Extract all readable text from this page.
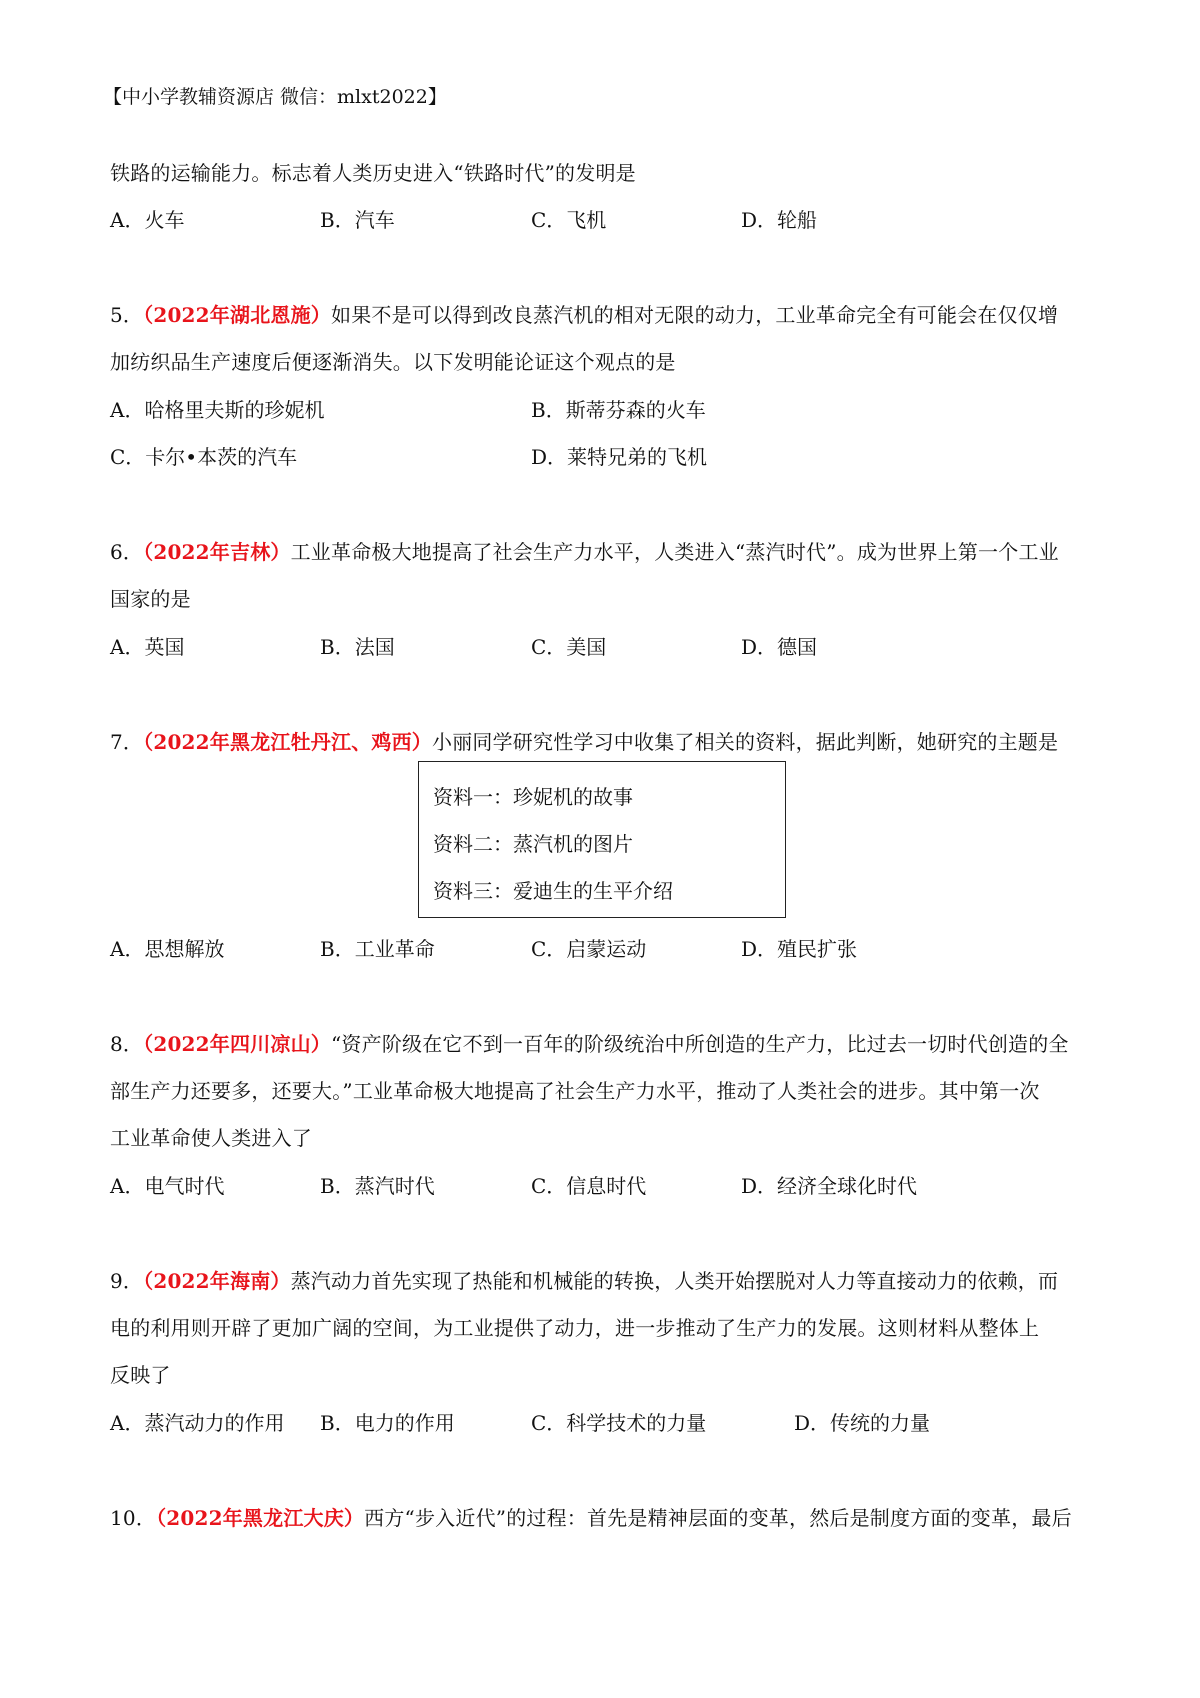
【中小学教辅资源店 微信：mlxt2022】
铁路的运输能力。标志着人类历史进入“铁路时代”的发明是
A．火车	B．汽车	C．飞机	D．轮船
5．（2022年湖北恩施）如果不是可以得到改良蒸汽机的相对无限的动力，工业革命完全有可能会在仅仅增
加纺织品生产速度后便逐渐消失。以下发明能论证这个观点的是
A．哈格里夫斯的珍妮机	B．斯蒂芬森的火车
C．卡尔•本茨的汽车	D．莱特兄弟的飞机
6．（2022年吉林）工业革命极大地提高了社会生产力水平，人类进入“蒸汽时代”。成为世界上第一个工业
国家的是
A．英国	B．法国	C．美国	D．德国
7．（2022年黑龙江牡丹江、鸡西）小丽同学研究性学习中收集了相关的资料，据此判断，她研究的主题是
资料一：珍妮机的故事
资料二：蒸汽机的图片
资料三：爱迪生的生平介绍
A．思想解放	B．工业革命	C．启蒙运动	D．殖民扩张
8．（2022年四川凉山）“资产阶级在它不到一百年的阶级统治中所创造的生产力，比过去一切时代创造的全
部生产力还要多，还要大。”工业革命极大地提高了社会生产力水平，推动了人类社会的进步。其中第一次
工业革命使人类进入了
A．电气时代	B．蒸汽时代	C．信息时代	D．经济全球化时代
9．（2022年海南）蒸汽动力首先实现了热能和机械能的转换，人类开始摆脱对人力等直接动力的依赖，而
电的利用则开辟了更加广阔的空间，为工业提供了动力，进一步推动了生产力的发展。这则材料从整体上
反映了
A．蒸汽动力的作用 B．电力的作用	C．科学技术的力量	D．传统的力量
10．（2022年黑龙江大庆）西方“步入近代”的过程：首先是精神层面的变革，然后是制度方面的变革，最后
